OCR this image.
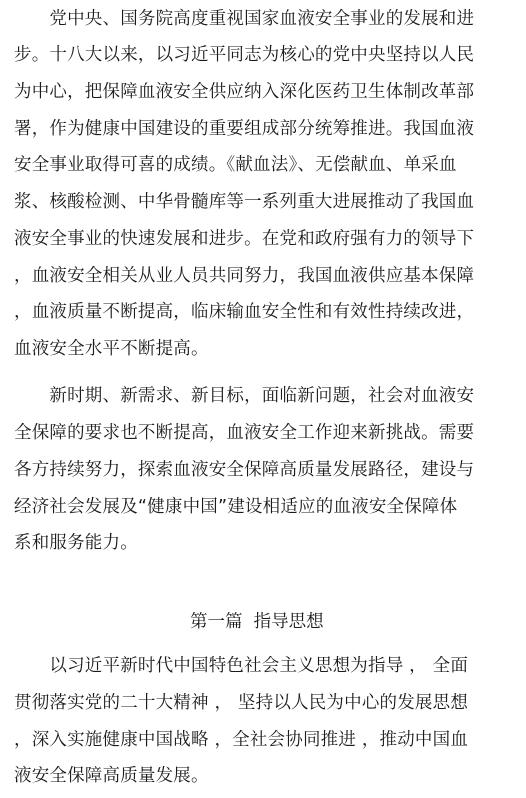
　　党中央、国务院高度重视国家血液安全事业的发展和进
步。十八大以来，以习近平同志为核心的党中央坚持以人民
为中心，把保障血液安全供应纳入深化医药卫生体制改革部
署，作为健康中国建设的重要组成部分统筹推进。我国血液
安全事业取得可喜的成绩。《献血法》、无偿献血、单采血
浆、核酸检测、中华骨髓库等一系列重大进展推动了我国血
液安全事业的快速发展和进步。在党和政府强有力的领导下
，血液安全相关从业人员共同努力，我国血液供应基本保障
，血液质量不断提高，临床输血安全性和有效性持续改进，
血液安全水平不断提高。
　　新时期、新需求、新目标，面临新问题，社会对血液安
全保障的要求也不断提高，血液安全工作迎来新挑战。需要
各方持续努力，探索血液安全保障高质量发展路径，建设与
经济社会发展及“健康中国”建设相适应的血液安全保障体
系和服务能力。
第一篇  指导思想
　　以习近平新时代中国特色社会主义思想为指导 ， 全面
贯彻落实党的二十大精神 ， 坚持以人民为中心的发展思想
，深入实施健康中国战略 ，全社会协同推进 ，推动中国血
液安全保障高质量发展。
